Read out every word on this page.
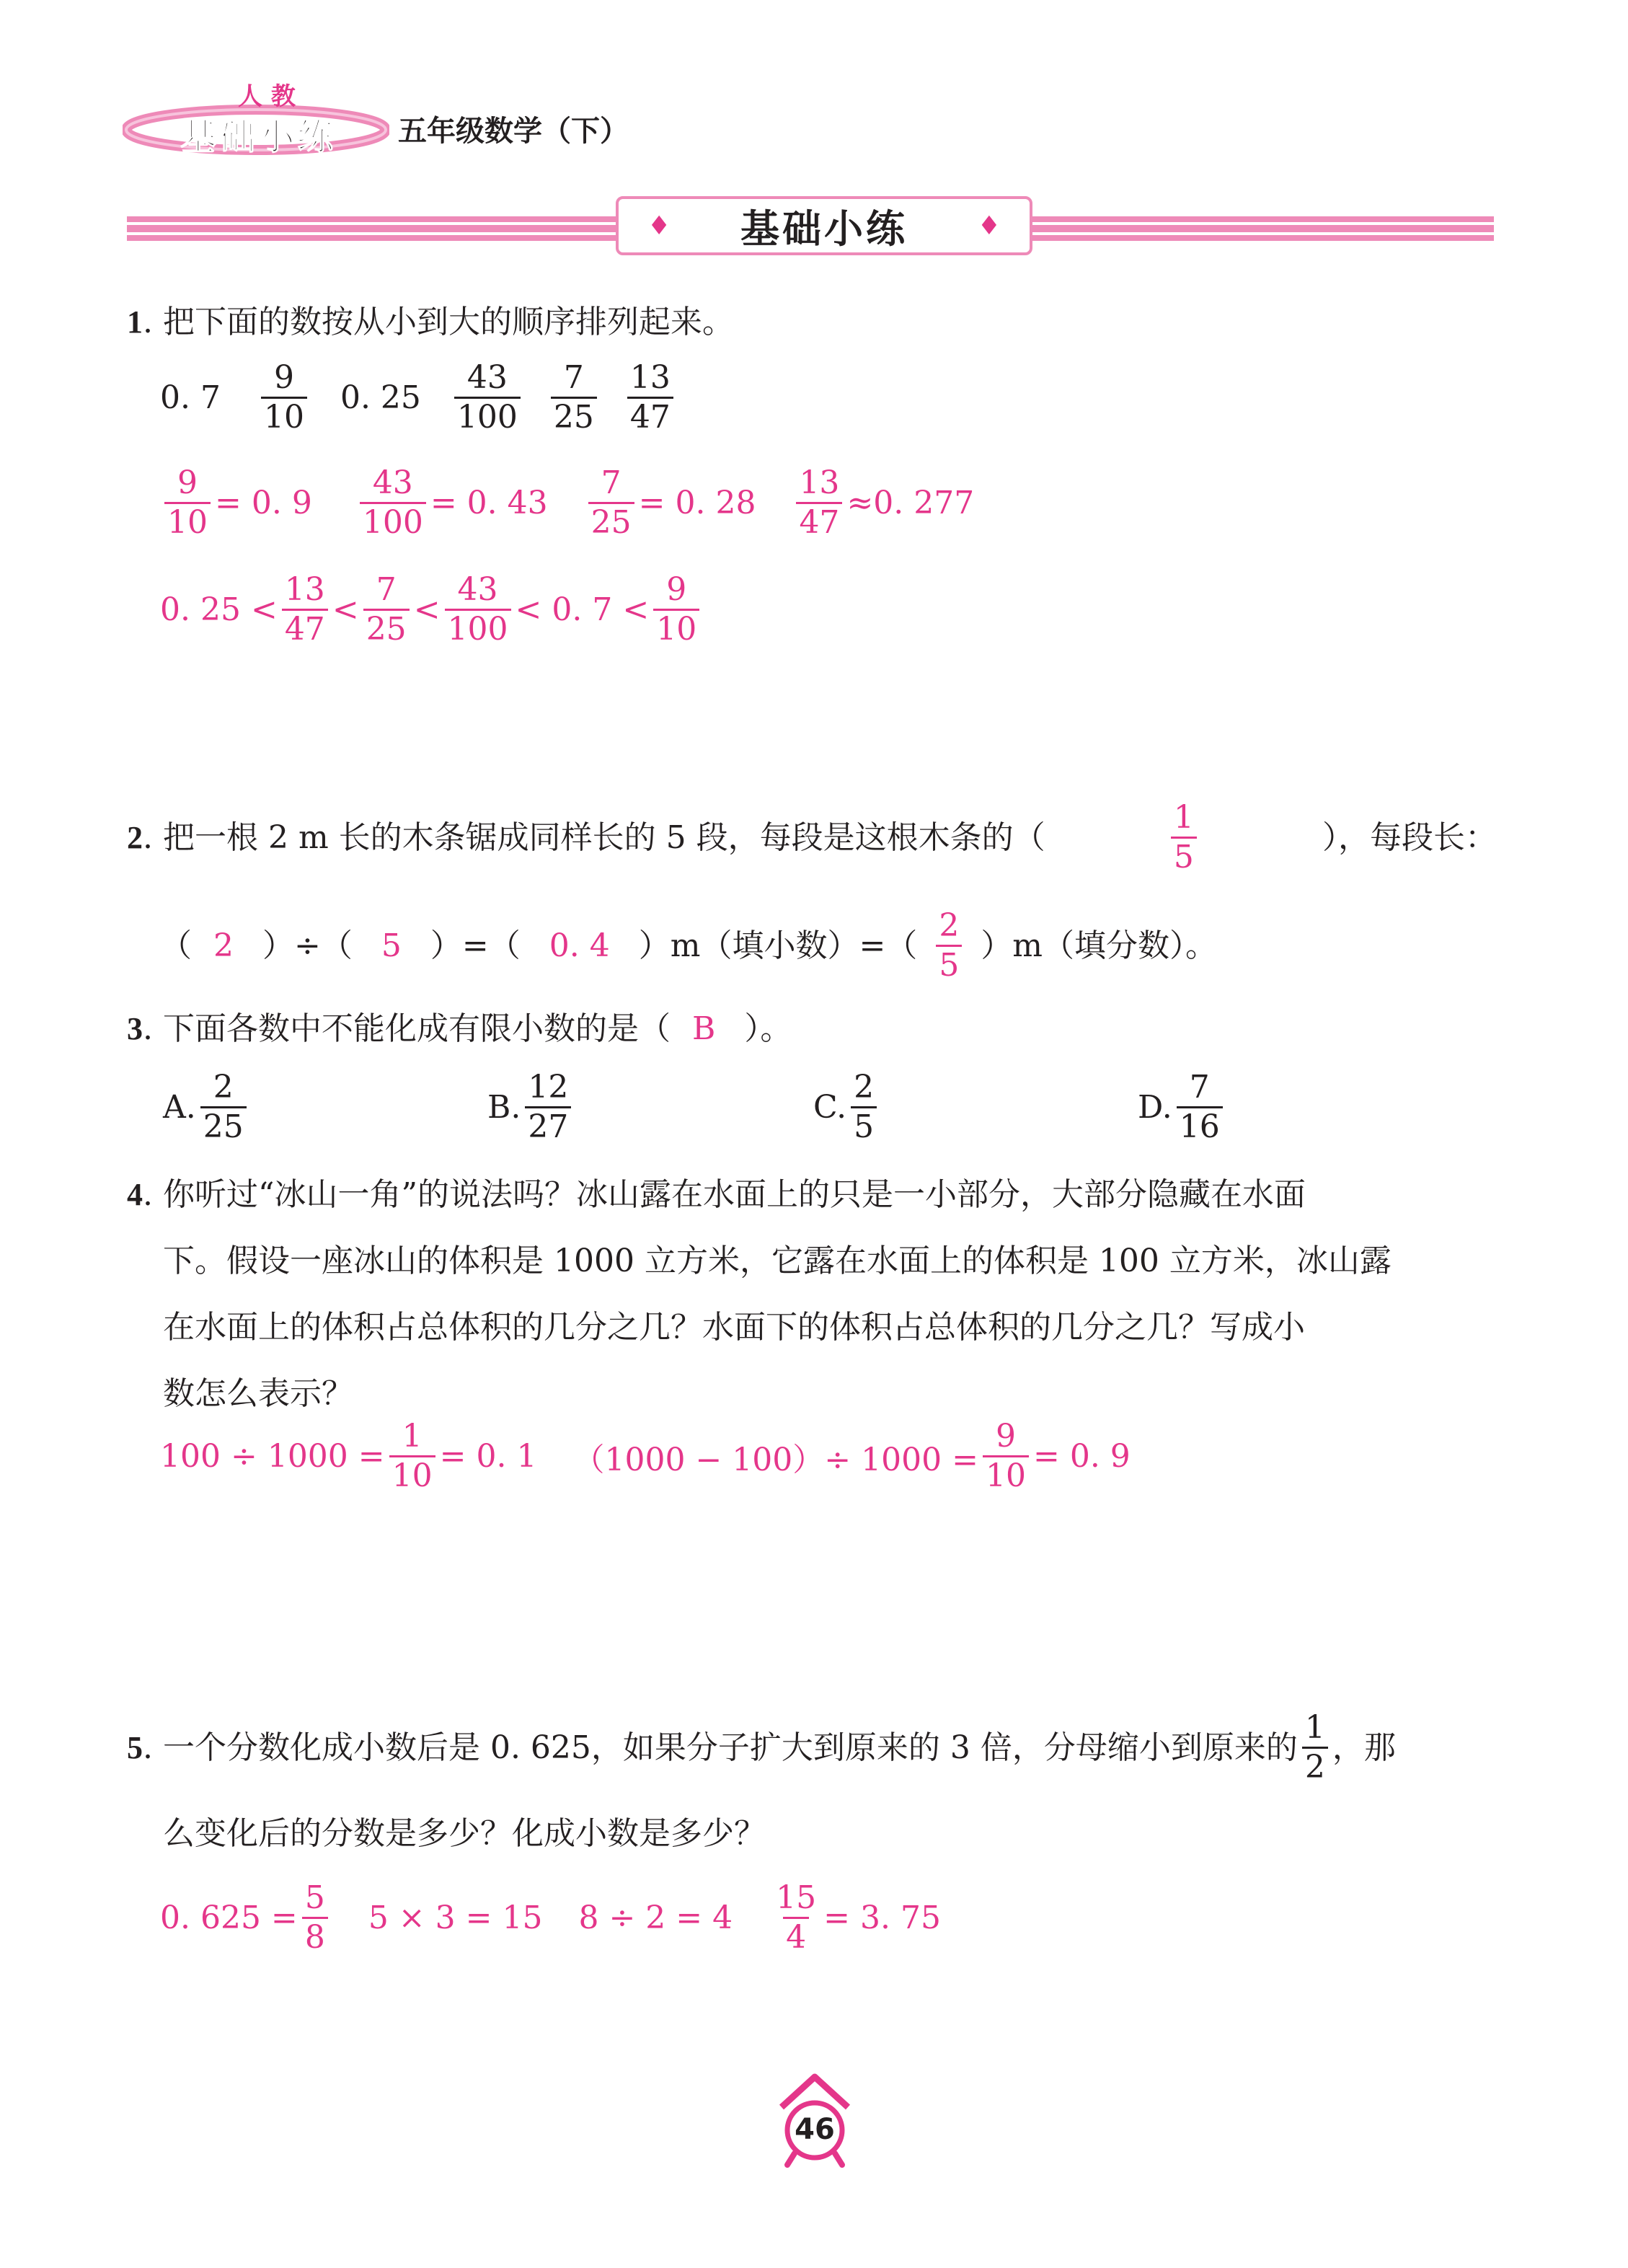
人 教
基础小练 五年级数学（下）
♦ 基础小练	♦
1 . 把下面的数按从小到大的顺序排列起来。
0. $7 \frac{9}{10} 0$. $25 \frac{43}{100} \frac{7}{25} \frac{13}{47}$
$\frac{9}{10} = 0$. $9 \frac{43}{100} = 0$. $43 \frac{7}{25} = 0$. $28 \frac{13}{47} \approx 0$. 277
0. $25 < \frac{13}{47} < \frac{7}{25} < \frac{43}{100} < 0$. $7 < \frac{9}{10}$
2. 把一根 2 m 长的木条锯成同样长的 5 段，每段是这根木条的（	$\frac{1}{5}$	），每段长：
（ 2 ）÷（ 5 ）=（ 0. 4 ）m（填小数）=（ $\frac{2}{5} )m$（填分数）。
3 . 下面各数中不能化成有限小数的是（ B ）。
A. $\frac{2}{25}$	B. $\frac{12}{27}$	C. $\frac{2}{5}$	D. $\frac{7}{16}$
4. 你听过“冰山一角”的说法吗？冰山露在水面上的只是一小部分，大部分隐藏在水面
下。假设一座冰山的体积是 1000 立方米，它露在水面上的体积是 100 立方米，冰山露
在水面上的体积占总体积的几分之几？水面下的体积占总体积的几分之几？写成小
数怎么表示？
$100 \div 1000 = \frac{1}{10} = 0$. 1 $(1000 - 100)\div 1000 = \frac{9}{10} = 0$. 9
5 . 一个分数化成小数后是 0. 625，如果分子扩大到原来的 3 倍，分母缩小到原来的 $\frac{1}{2}$ ，那
么变化后的分数是多少？化成小数是多少？
0. $625 = \frac{5}{8} 5 \times 3 = 15$ $8 \div 2 = 4 \frac{15}{4} = 3$. 75
46
